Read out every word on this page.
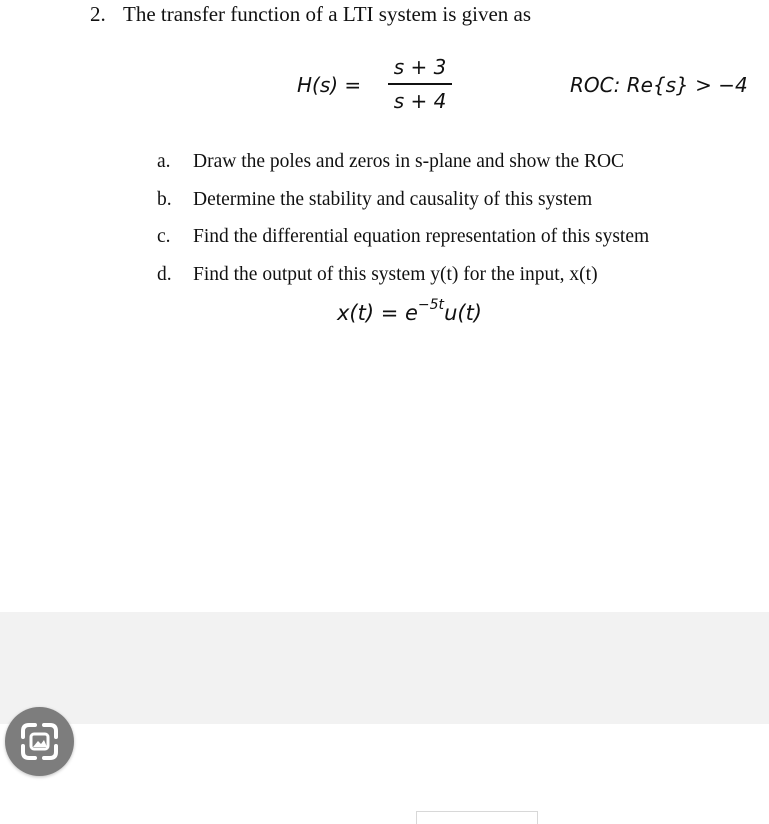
2. The transfer function of a LTI system is given as
H(s) =
s + 3
s + 4
ROC: Re{s} > −4
a. Draw the poles and zeros in s-plane and show the ROC
b. Determine the stability and causality of this system
c. Find the differential equation representation of this system
d. Find the output of this system y(t) for the input, x(t)
$x(t) = e^{-5t}u(t)$
